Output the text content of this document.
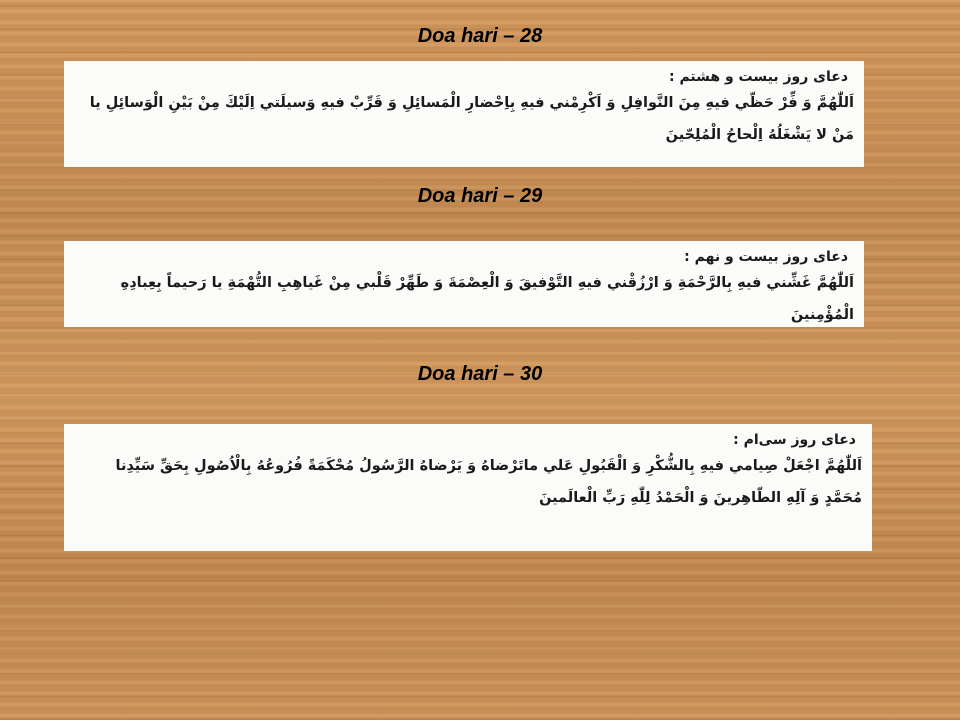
Doa hari – 28
دعای روز بیست و هشتم :

اَللّٰهُمَّ وَ فِّرْ حَظّي فيهِ مِنَ النَّوافِلِ وَ اَكْرِمْني فيهِ بِاِحْضارِ الْمَسائِلِ وَ قَرِّبْ فيهِ وَسيلَتي اِلَيْكَ مِنْ بَيْنِ الْوَسائِلِ يا مَنْ لا يَشْغَلُهُ اِلْحاحُ الْمُلِحّينَ

Doa hari – 29
دعای روز بیست و نهم :

اَللّٰهُمَّ غَشِّني فيهِ بِالرَّحْمَةِ وَ ارْزُقْني فيهِ التَّوْفيقَ وَ الْعِصْمَةَ وَ طَهِّرْ قَلْبي مِنْ غَياهِبِ التُّهْمَةِ يا رَحيماً بِعِبادِهِ الْمُؤْمِنينَ

Doa hari – 30
دعای روز سی‌ام :

اَللّٰهُمَّ اجْعَلْ صِيامي فيهِ بِالشُّكْرِ وَ الْقَبُولِ عَلي ماتَرْضاهُ وَ يَرْضاهُ الرَّسُولُ مُحْكَمَةً فُرُوعُهُ بِالْاُصُولِ بِحَقِّ سَيِّدِنا مُحَمَّدٍ وَ آلِهِ الطّاهِرينَ وَ الْحَمْدُ لِلّٰهِ رَبِّ الْعالَمينَ
